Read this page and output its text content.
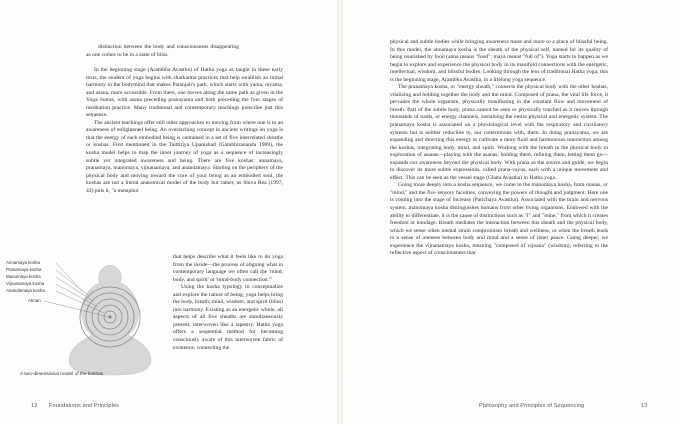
distinction between the body and consciousness disappearing as one comes to be in a state of bliss.

In the beginning stage (Arambha Avastha) of Hatha yoga as taught in these early texts, the student of yoga begins with shatkarma practices that help establish an initial harmony in the bodymind that makes Patanjali's path, which starts with yama, niyama, and asana, more accessible. From there, one moves along the same path as given in the Yoga Sutras, with asana preceding pranayama and both preceding the four stages of meditation practice. Many traditional and contemporary teachings prescribe just this sequence.

The ancient teachings offer still other approaches to moving from where one is to an awareness of enlightened being. An overarching concept in ancient writings on yoga is that the energy of each embodied being is contained in a set of five interrelated sheaths or koshas. First mentioned in the Taittiriya Upanishad (Gambhirananda 1989), the kosha model helps to map the inner journey of yoga as a sequence of increasingly subtle yet integrated awareness and being. There are five koshas: annamaya, pranamaya, manomaya, vijnanamaya, and anandamaya. Starting on the periphery of the physical body and moving toward the core of your being as an embodied soul, the koshas are not a literal anatomical model of the body but rather, as Shiva Rea (1997, 43) puts it, "a metaphor

Annamaya kosha
Pranamaya kosha
Manomaya kosha
Vijnanamaya kosha
Anandamaya kosha
Atman
A two-dimensional model of the koshas

that helps describe what it feels like to do yoga from the inside—the process of aligning what in contemporary language we often call the 'mind, body, and spirit' or 'mind-body connection.'"

Using the kosha typology to conceptualize and explore the nature of being, yoga helps bring the body, breath, mind, wisdom, and spirit (bliss) into harmony. Existing as an energetic whole, all aspects of all five sheaths are simultaneously present, interwoven like a tapestry. Hatha yoga offers a sequential method for becoming consciously aware of this interwoven fabric of existence, connecting the

12 Foundations and Principles

physical and subtle bodies while bringing awareness more and more to a place of blissful being. In this model, the annamaya kosha is the sheath of the physical self, named for its quality of being nourished by food (anna means "food"; maya means "full of"). Yoga starts to happen as we begin to explore and experience the physical body in its manifold connections with the energetic, intellectual, wisdom, and blissful bodies. Looking through the lens of traditional Hatha yoga, this is the beginning stage, Arambha Avastha, in a lifelong yoga sequence.

The pranamaya kosha, or "energy sheath," connects the physical body with the other koshas, vitalizing and holding together the body and the mind. Composed of prana, the vital life force, it pervades the whole organism, physically manifesting in the constant flow and movement of breath. Part of the subtle body, prana cannot be seen or physically touched as it moves through thousands of nadis, or energy channels, sustaining the entire physical and energetic system. The pranamaya kosha is associated on a physiological level with the respiratory and circulatory systems but is neither reducible to, nor coterminous with, them. In doing pranayama, we are expanding and directing this energy to cultivate a more fluid and harmonious interaction among the koshas, integrating body, mind, and spirit. Working with the breath in the physical body in exploration of asanas—playing with the asanas, holding them, refining them, letting them go—expands our awareness beyond the physical body. With prana as the source and guide, we begin to discover its more subtle expressions, called prana-vayus, each with a unique movement and effect. This can be seen as the vessel stage (Ghata Avastha) in Hatha yoga.

Going more deeply into a kosha sequence, we come to the manomaya kosha, from manas, or "mind," and the five sensory faculties, conveying the powers of thought and judgment. Here one is coming into the stage of increase (Parichaya Avastha). Associated with the brain and nervous system, manomaya kosha distinguishes humans from other living organisms. Endowed with the ability to differentiate, it is the cause of distinctions such as "I" and "mine," from which it creates freedom or bondage. Breath mediates the interaction between this sheath and the physical body, which we sense when mental strain compromises breath and wellness, or when the breath leads to a sense of oneness between body and mind and a sense of inner peace. Going deeper, we experience the vijnanamaya kosha, meaning "composed of vijnana" (wisdom), referring to the reflective aspect of consciousness that

Philosophy and Principles of Sequencing	13
